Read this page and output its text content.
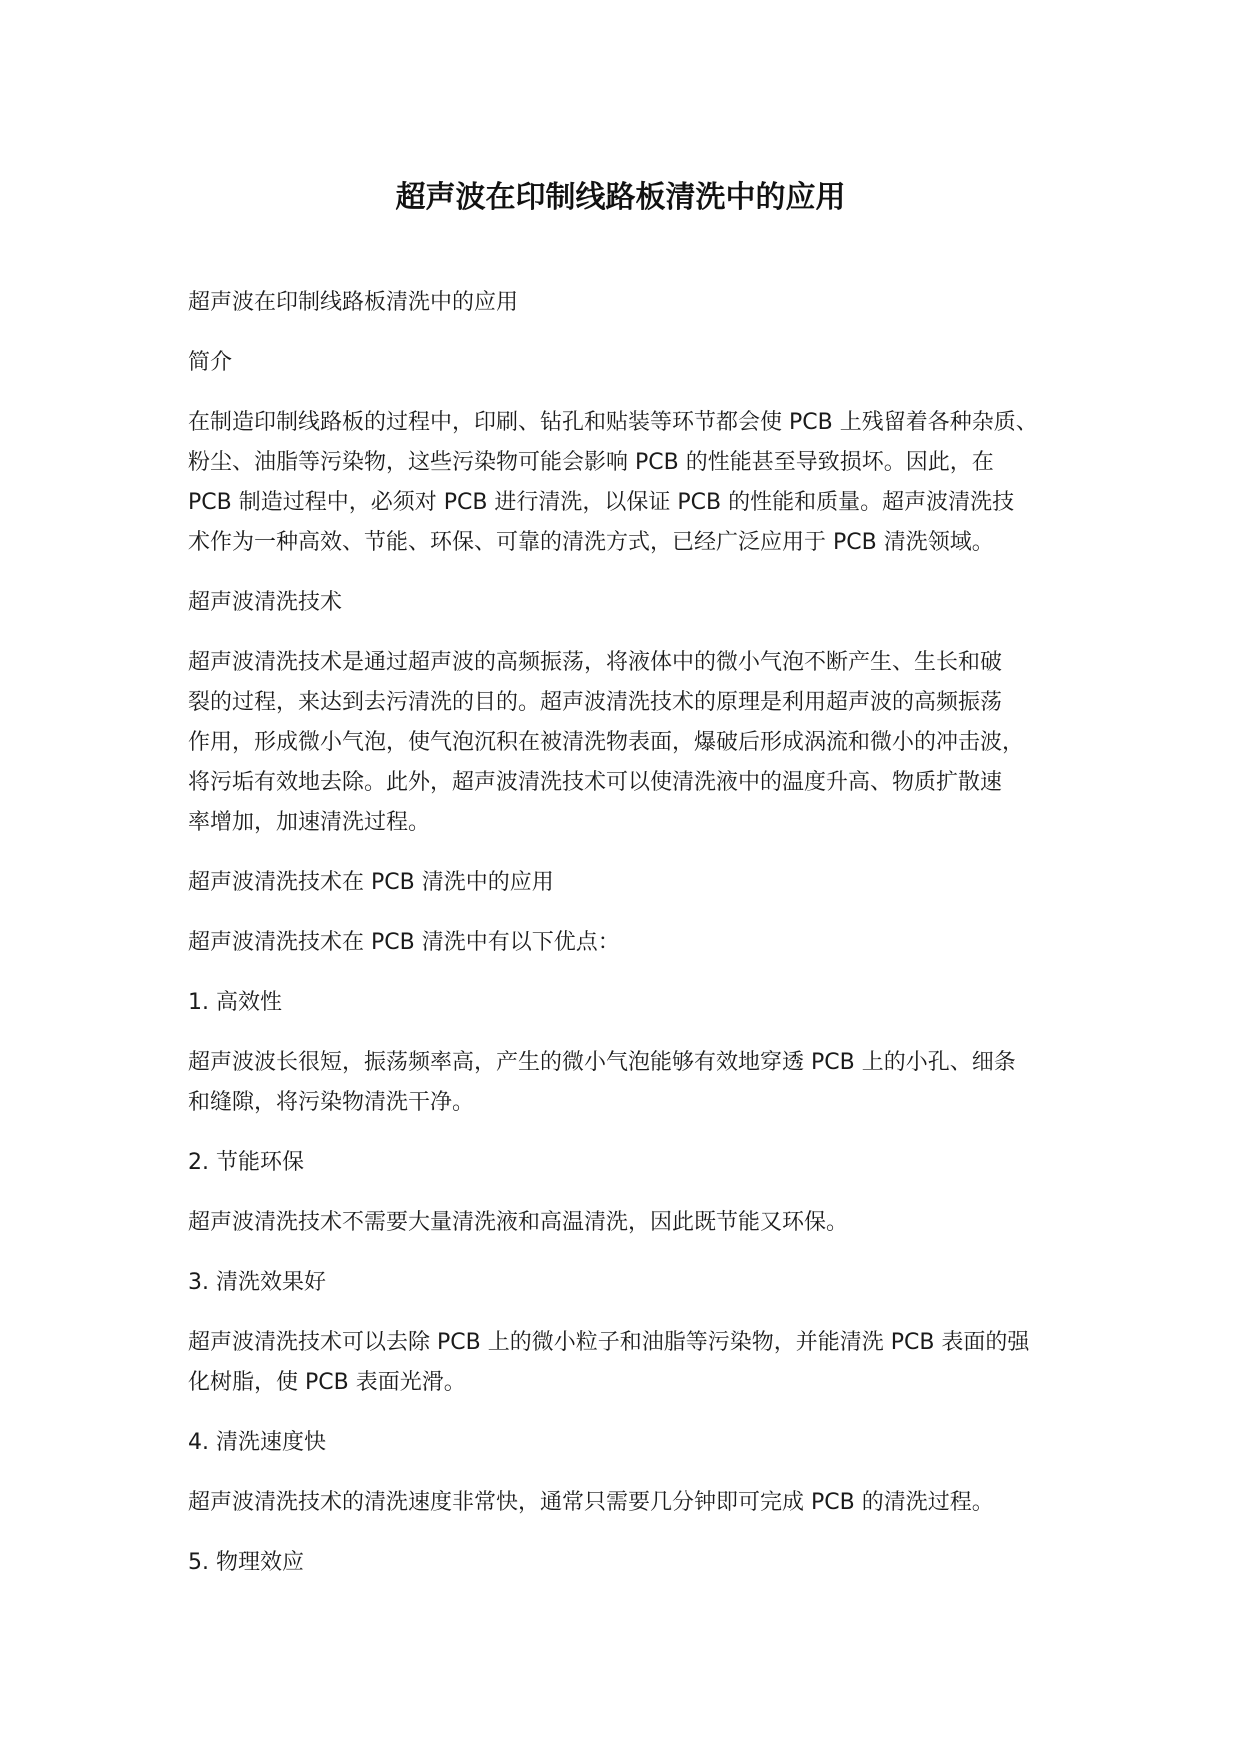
超声波在印制线路板清洗中的应用

超声波在印制线路板清洗中的应用

简介

在制造印制线路板的过程中，印刷、钻孔和贴装等环节都会使 PCB 上残留着各种杂质、
粉尘、油脂等污染物，这些污染物可能会影响 PCB 的性能甚至导致损坏。因此，在
PCB 制造过程中，必须对 PCB 进行清洗，以保证 PCB 的性能和质量。超声波清洗技
术作为一种高效、节能、环保、可靠的清洗方式，已经广泛应用于 PCB 清洗领域。

超声波清洗技术

超声波清洗技术是通过超声波的高频振荡，将液体中的微小气泡不断产生、生长和破
裂的过程，来达到去污清洗的目的。超声波清洗技术的原理是利用超声波的高频振荡
作用，形成微小气泡，使气泡沉积在被清洗物表面，爆破后形成涡流和微小的冲击波，
将污垢有效地去除。此外，超声波清洗技术可以使清洗液中的温度升高、物质扩散速
率增加，加速清洗过程。

超声波清洗技术在 PCB 清洗中的应用

超声波清洗技术在 PCB 清洗中有以下优点：

1. 高效性

超声波波长很短，振荡频率高，产生的微小气泡能够有效地穿透 PCB 上的小孔、细条
和缝隙，将污染物清洗干净。

2. 节能环保

超声波清洗技术不需要大量清洗液和高温清洗，因此既节能又环保。

3. 清洗效果好

超声波清洗技术可以去除 PCB 上的微小粒子和油脂等污染物，并能清洗 PCB 表面的强
化树脂，使 PCB 表面光滑。

4. 清洗速度快

超声波清洗技术的清洗速度非常快，通常只需要几分钟即可完成 PCB 的清洗过程。

5. 物理效应
